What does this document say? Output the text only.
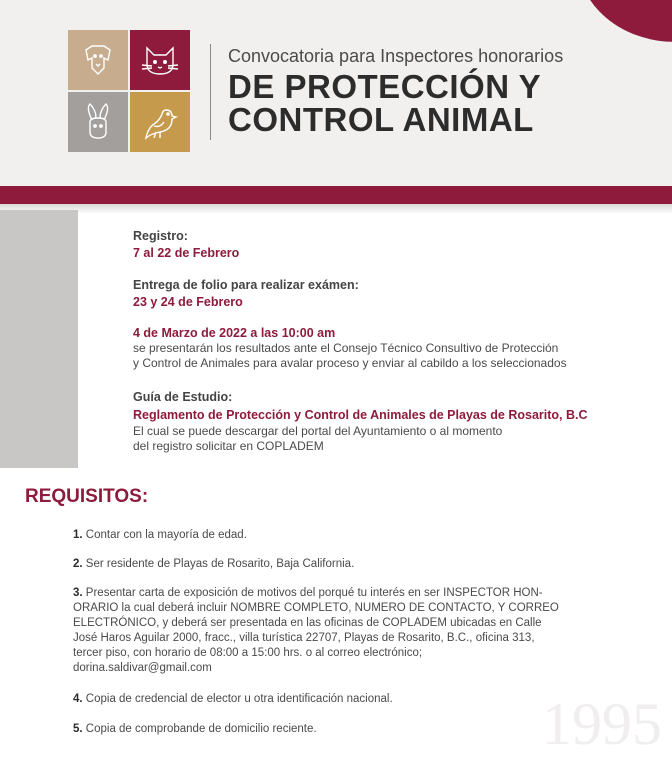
Convocatoria para Inspectores honorarios
DE PROTECCIÓN Y
CONTROL ANIMAL
Registro:
7 al 22 de Febrero
Entrega de folio para realizar exámen:
23 y 24 de Febrero
4 de Marzo de 2022 a las 10:00 am
se presentarán los resultados ante el Consejo Técnico Consultivo de Protección
y Control de Animales para avalar proceso y enviar al cabildo a los seleccionados
Guía de Estudio:
Reglamento de Protección y Control de Animales de Playas de Rosarito, B.C
El cual se puede descargar del portal del Ayuntamiento o al momento
del registro solicitar en COPLADEM
REQUISITOS:
1. Contar con la mayoría de edad.
2. Ser residente de Playas de Rosarito, Baja California.
3. Presentar carta de exposición de motivos del porqué tu interés en ser INSPECTOR HON-
ORARIO la cual deberá incluir NOMBRE COMPLETO, NUMERO DE CONTACTO, Y CORREO
ELECTRÓNICO, y deberá ser presentada en las oficinas de COPLADEM ubicadas en Calle
José Haros Aguilar 2000, fracc., villa turística 22707, Playas de Rosarito, B.C., oficina 313,
tercer piso, con horario de 08:00 a 15:00 hrs. o al correo electrónico;
dorina.saldivar@gmail.com
4. Copia de credencial de elector u otra identificación nacional.
5. Copia de comprobande de domicilio reciente.	1995
